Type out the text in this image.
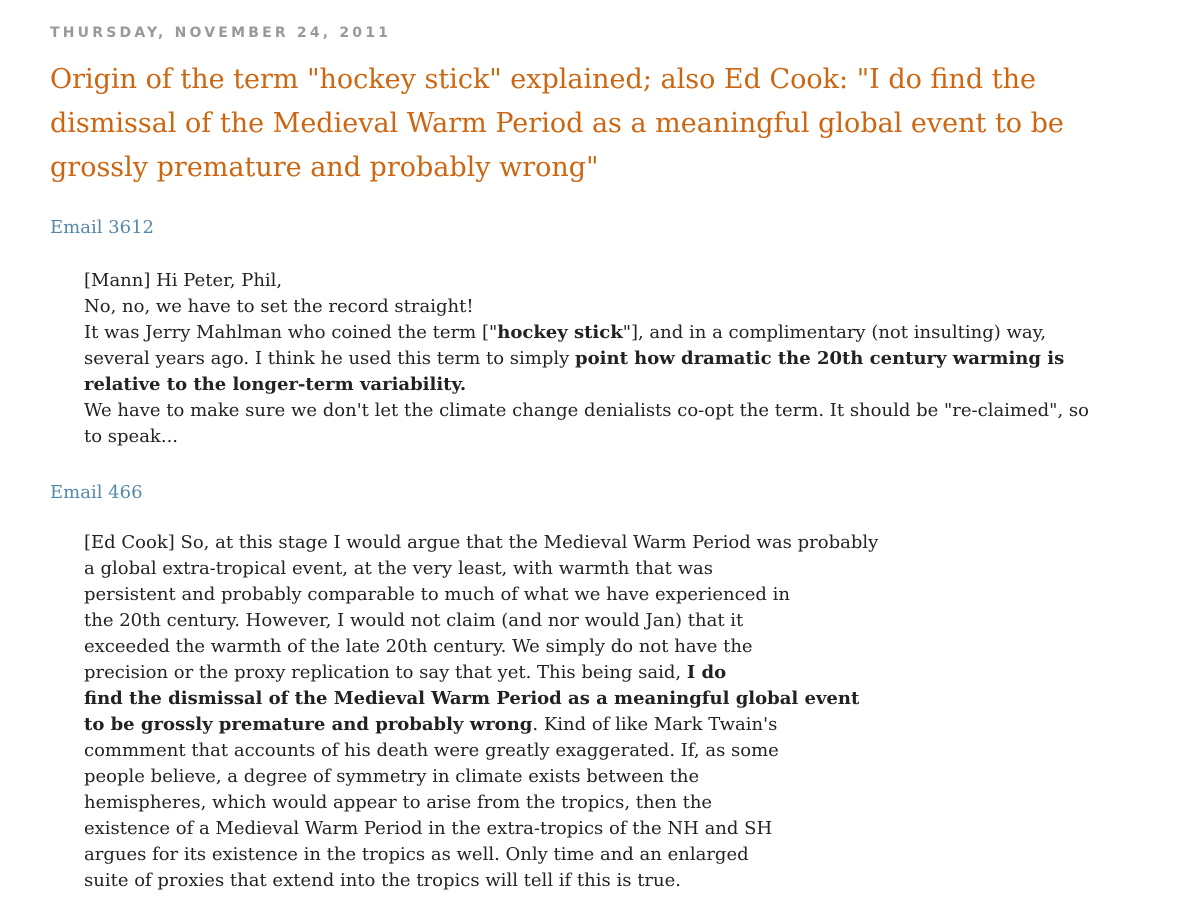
THURSDAY, NOVEMBER 24, 2011
Origin of the term "hockey stick" explained; also Ed Cook: "I do find the dismissal of the Medieval Warm Period as a meaningful global event to be grossly premature and probably wrong"
Email 3612
[Mann] Hi Peter, Phil,
No, no, we have to set the record straight!
It was Jerry Mahlman who coined the term ["hockey stick"], and in a complimentary (not insulting) way,
several years ago. I think he used this term to simply point how dramatic the 20th century warming is
relative to the longer-term variability.
We have to make sure we don't let the climate change denialists co-opt the term. It should be "re-claimed", so
to speak...
Email 466
[Ed Cook] So, at this stage I would argue that the Medieval Warm Period was probably
a global extra-tropical event, at the very least, with warmth that was
persistent and probably comparable to much of what we have experienced in
the 20th century. However, I would not claim (and nor would Jan) that it
exceeded the warmth of the late 20th century. We simply do not have the
precision or the proxy replication to say that yet. This being said, I do
find the dismissal of the Medieval Warm Period as a meaningful global event
to be grossly premature and probably wrong. Kind of like Mark Twain's
commment that accounts of his death were greatly exaggerated. If, as some
people believe, a degree of symmetry in climate exists between the
hemispheres, which would appear to arise from the tropics, then the
existence of a Medieval Warm Period in the extra-tropics of the NH and SH
argues for its existence in the tropics as well. Only time and an enlarged
suite of proxies that extend into the tropics will tell if this is true.
